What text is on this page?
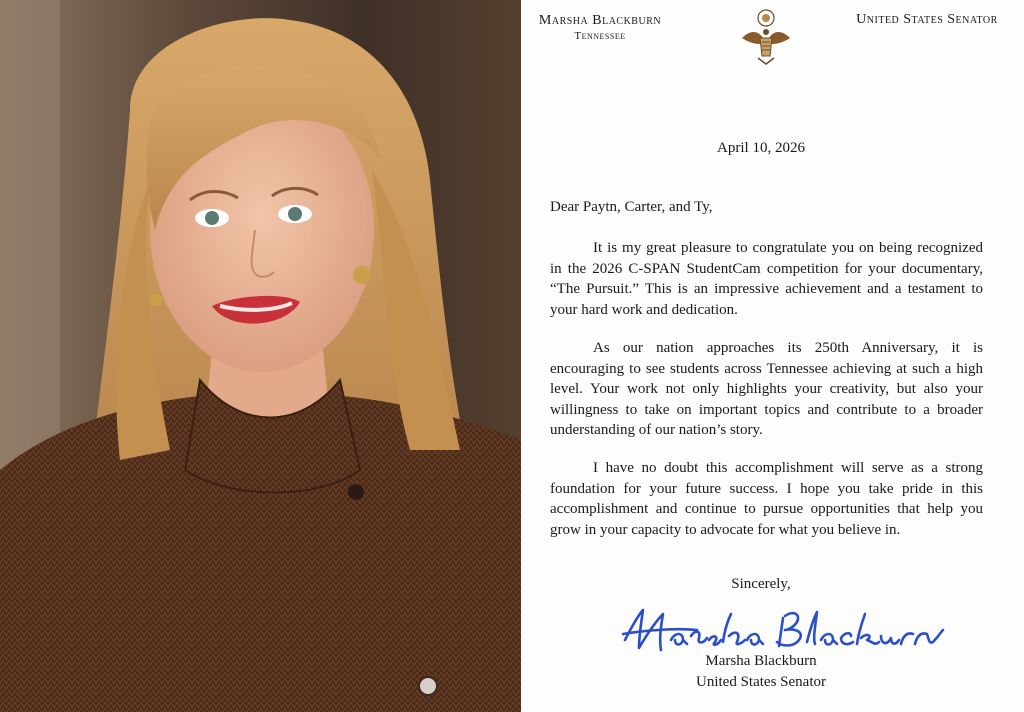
Marsha Blackburn
Tennessee
United States Senator
April 10, 2026
Dear Paytn, Carter, and Ty,
It is my great pleasure to congratulate you on being recognized in the 2026 C-SPAN StudentCam competition for your documentary, “The Pursuit.” This is an impressive achievement and a testament to your hard work and dedication.
As our nation approaches its 250th Anniversary, it is encouraging to see students across Tennessee achieving at such a high level. Your work not only highlights your creativity, but also your willingness to take on important topics and contribute to a broader understanding of our nation’s story.
I have no doubt this accomplishment will serve as a strong foundation for your future success. I hope you take pride in this accomplishment and continue to pursue opportunities that help you grow in your capacity to advocate for what you believe in.
Sincerely,
Marsha Blackburn
United States Senator
